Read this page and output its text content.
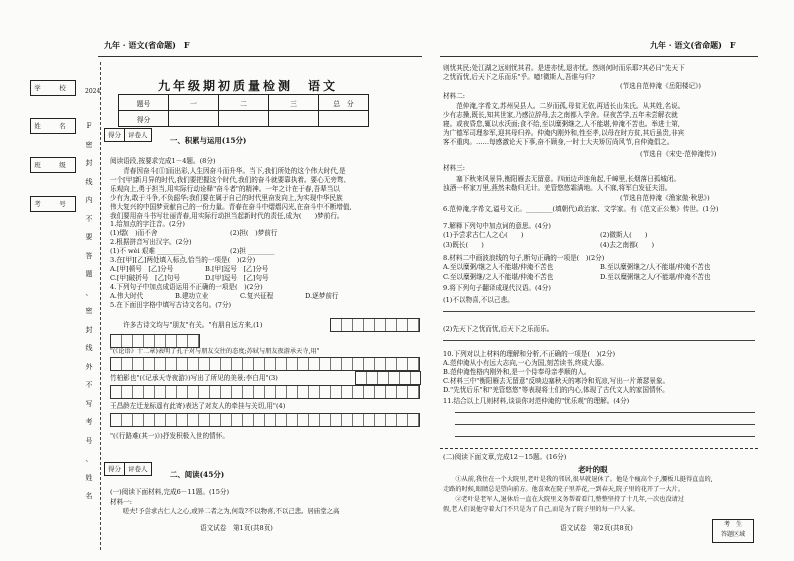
九年 · 语文(省命题)　F
2024
学　校
姓　名
班　级
考　号
F
密
封
线
内
不
要
答
题
、
密
封
线
外
不
写
考
号
、
姓
名
九年级期初质量检测　语文
题号	一	二	三	总　分
得分				
得分	评卷人
一、积累与运用(15分)
阅读语段,按要求完成1－4题。(8分)
　　青春因奋斗[①]而出彩,人生因奋斗而升华。当下,我们所处的这个伟大时代,是
一个[甲]新月异的时代,我们要把握这个时代,我们的奋斗就要靠执着。要心无旁骛、
乐观向上,勇于担当,用实际行动诠释"奋斗者"的精神。一年之计在于春,吾辈当以
少有为,敢于斗争,不负韶华;我们要在属于自己的时代里奋发向上,为实现中华民族
伟大复兴的中国梦贡献自己的一份力量。青春在奋斗中熠熠闪光,在奋斗中不断增值,
我们要用奋斗书写壮丽青春,用实际行动担当起新时代的责任,成为(　　)梦前行。
1.给加点的字注音。(2分)
(1)熠(　)而不舍	(2)担(　)梦前行
2.根据拼音写出汉字。(2分)
(1)不 wèi 艰难 ________	(2)担 ________
3.在[甲][乙]两处填入标点,恰当的一项是(　)(2分)
A.[甲]顿号　[乙]分号	B.[甲]逗号　[乙]分号
C.[甲]破折号　[乙]句号	D.[甲]逗号　[乙]句号
4.下列句子中加点成语运用不正确的一项是(　)(2分)
A.伟大时代	B.建功立业	C.复兴征程	D.逐梦前行
5.在下面田字格中填写古诗文名句。(7分)
　　许多古诗文均与"朋友"有关。"有朋自远方来,(1)
"(《论语》十二章)表明了孔子对与朋友交往的态度;苏轼与朋友夜游承天寺,用"
竹柏影也"(《记承天寺夜游》)写出了所见的美景;李白用"(3)
王昌龄左迁龙标遥有此寄)表达了对友人的牵挂与关切,用"(4)
"(《行路难(其一)》)抒发积极入世的情怀。
得分	评卷人
二、阅读(45分)
(一)阅读下面材料,完成6－11题。(15分)
材料一:
　　嗟夫!予尝求古仁人之心,或异二者之为,何哉?不以物喜,不以己悲。居庙堂之高
语文试卷　第1页(共8页)
九年 · 语文(省命题)　F
则忧其民;处江湖之远则忧其君。是进亦忧,退亦忧。然则何时而乐耶?其必曰"先天下
之忧而忧,后天下之乐而乐"乎。噫!微斯人,吾谁与归?
(节选自范仲淹《岳阳楼记》)
材料二:
　　范仲淹,字希文,苏州吴县人。二岁而孤,母贫无依,再适长山朱氏。从其姓,名说。
少有志操,既长,知其世家,乃感泣辞母,去之南都入学舍。昼夜苦学,五年未尝解衣就
寝。或夜昏怠,辄以水沃面;食不给,至以糜粥继之,人不能堪,仲淹不苦也。举进士第,
为广德军司理参军,迎其母归养。仲淹内刚外和,性至孝,以母在时方贫,其后虽贵,非宾
客不重肉。……每感激论天下事,奋不顾身,一时士大夫矫厉尚风节,自仲淹倡之。
(节选自《宋史·范仲淹传》)
材料三:
　　塞下秋来风景异,衡阳雁去无留意。四面边声连角起,千嶂里,长烟落日孤城闭。
浊酒一杯家万里,燕然未勒归无计。羌管悠悠霜满地。人不寐,将军白发征夫泪。
(节选自范仲淹《渔家傲·秋思》)
6.范仲淹,字希文,谥号文正。________(填朝代)政治家、文学家。有《范文正公集》传世。(1分)
7.解释下列句中加点词的意思。(4分)
(1)予尝求古仁人之心(　　)	(2)微斯人(　　)
(3)既长(　　)	(4)去之南都(　　)
8.材料二中画波浪线的句子,断句正确的一项是(　)(2分)
A.至以糜粥/继之人不能堪/仲淹不苦也	B.至以糜粥继之/人不能堪/仲淹不苦也
C.至以糜粥继/之人不能堪/仲淹不苦也	D.至以糜粥继之人/不能堪/仲淹不苦也
9.将下列句子翻译成现代汉语。(4分)
(1)不以物喜,不以己悲。
(2)先天下之忧而忧,后天下之乐而乐。
10.下列对以上材料的理解和分析,不正确的一项是(　)(2分)
A.范仲淹从小有远大志向,一心为国,刻苦读书,终成大器。
B.范仲淹性格内刚外和,是一个侍奉母亲孝顺的人。
C.材料三中"衡阳雁去无留意"反映边塞秋天的寒冷和荒凉,写出一片萧瑟景象。
D."先忧后乐"和"羌管悠悠"等表现将士们的内心,体现了古代文人的家国情怀。
11.结合以上几则材料,谈谈你对范仲淹的"忧乐观"的理解。(4分)
(二)阅读下面文章,完成12－15题。(16分)
老叶的眼
　　①从前,我住在一个大院里,老叶是我的邻居,很早就退休了。他是个瘦高个子,腰板儿挺得直直的,
走路的时候,眼睛总是望向前方。他喜欢在院子里养花,一到春天,院子里的花开了一大片。
　　②老叶是老军人,退休后一直在大院里义务帮着看门,整整坚持了十几年,一次也没请过
假,老人们说他守着大门不只是为了自己,而是为了院子里的每一户人家。
考　生
答题区域
语文试卷　第2页(共8页)
